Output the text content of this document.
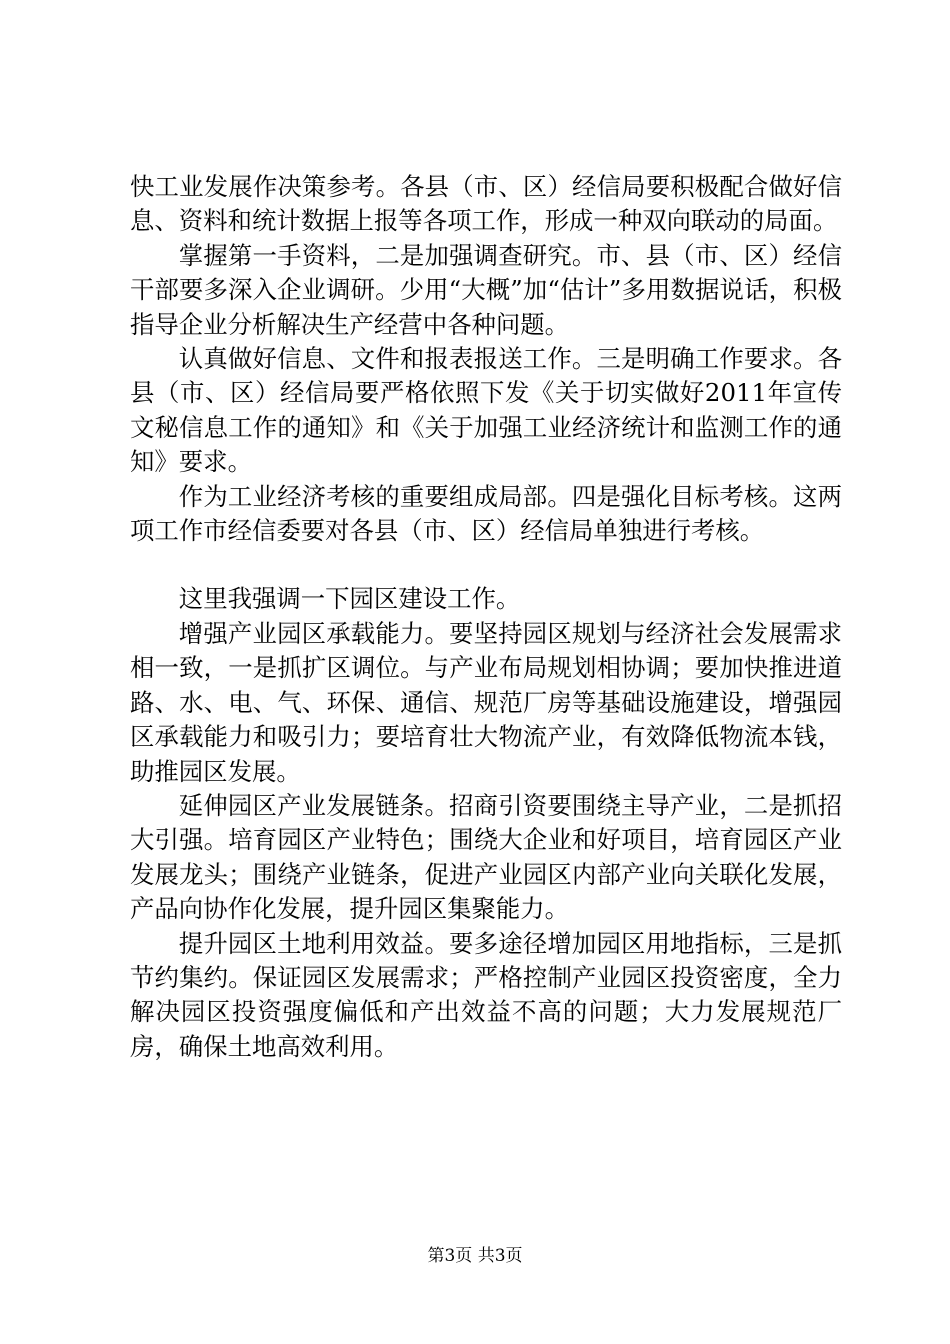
快工业发展作决策参考。各县（市、区）经信局要积极配合做好信息、资料和统计数据上报等各项工作，形成一种双向联动的局面。

掌握第一手资料，二是加强调查研究。市、县（市、区）经信干部要多深入企业调研。少用“大概”加“估计”多用数据说话，积极指导企业分析解决生产经营中各种问题。

认真做好信息、文件和报表报送工作。三是明确工作要求。各县（市、区）经信局要严格依照下发《关于切实做好2011年宣传文秘信息工作的通知》和《关于加强工业经济统计和监测工作的通知》要求。

作为工业经济考核的重要组成局部。四是强化目标考核。这两项工作市经信委要对各县（市、区）经信局单独进行考核。

这里我强调一下园区建设工作。

增强产业园区承载能力。要坚持园区规划与经济社会发展需求相一致，一是抓扩区调位。与产业布局规划相协调；要加快推进道路、水、电、气、环保、通信、规范厂房等基础设施建设，增强园区承载能力和吸引力；要培育壮大物流产业，有效降低物流本钱，助推园区发展。

延伸园区产业发展链条。招商引资要围绕主导产业，二是抓招大引强。培育园区产业特色；围绕大企业和好项目，培育园区产业发展龙头；围绕产业链条，促进产业园区内部产业向关联化发展，产品向协作化发展，提升园区集聚能力。

提升园区土地利用效益。要多途径增加园区用地指标，三是抓节约集约。保证园区发展需求；严格控制产业园区投资密度，全力解决园区投资强度偏低和产出效益不高的问题；大力发展规范厂房，确保土地高效利用。

第3页 共3页
